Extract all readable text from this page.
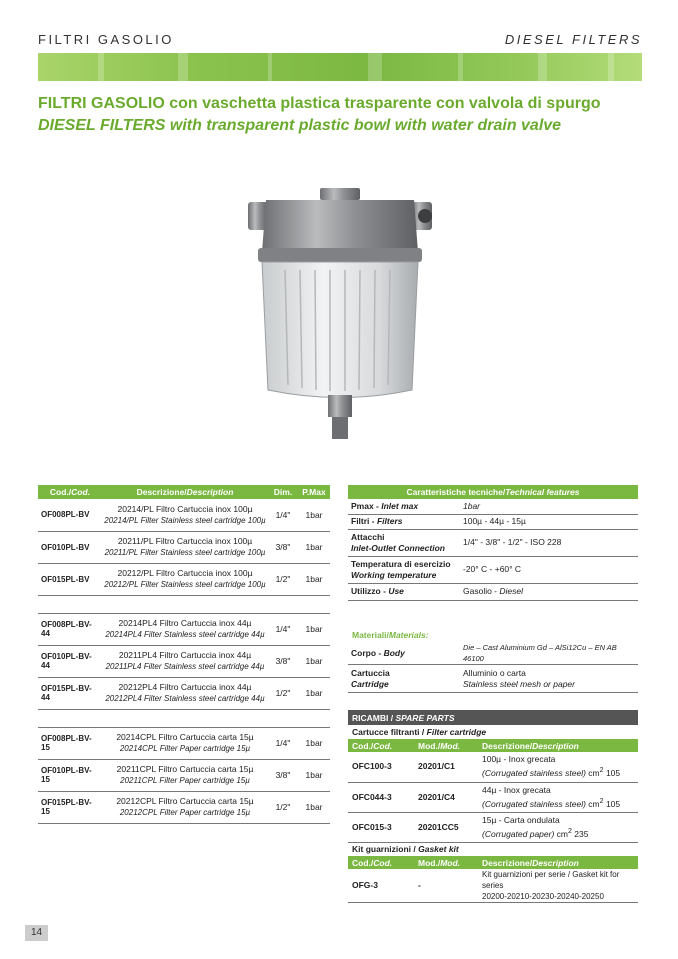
FILTRI GASOLIO	DIESEL FILTERS
FILTRI GASOLIO con vaschetta plastica trasparente con valvola di spurgo
DIESEL FILTERS with transparent plastic bowl with water drain valve
Cod./Cod.	Descrizione/Description	Dim.	P.Max
OF008PL-BV	20214/PL Filtro Cartuccia inox 100µ
20214/PL Filter Stainless steel cartridge 100µ	1/4"	1bar
OF010PL-BV	20211/PL Filtro Cartuccia inox 100µ
20211/PL Filter Stainless steel cartridge 100µ	3/8"	1bar
OF015PL-BV	20212/PL Filtro Cartuccia inox 100µ
20212/PL Filter Stainless steel cartridge 100µ	1/2"	1bar

OF008PL-BV-44	20214PL4 Filtro Cartuccia inox 44µ
20214PL4 Filter Stainless steel cartridge 44µ	1/4"	1bar
OF010PL-BV-44	20211PL4 Filtro Cartuccia inox 44µ
20211PL4 Filter Stainless steel cartridge 44µ	3/8"	1bar
OF015PL-BV-44	20212PL4 Filtro Cartuccia inox 44µ
20212PL4 Filter Stainless steel cartridge 44µ	1/2"	1bar

OF008PL-BV-15	20214CPL Filtro Cartuccia carta 15µ
20214CPL Filter Paper cartridge 15µ	1/4"	1bar
OF010PL-BV-15	20211CPL Filtro Cartuccia carta 15µ
20211CPL Filter Paper cartridge 15µ	3/8"	1bar
OF015PL-BV-15	20212CPL Filtro Cartuccia carta 15µ
20212CPL Filter Paper cartridge 15µ	1/2"	1bar
Caratteristiche tecniche/Technical features	
Pmax - Inlet max	1bar
Filtri - Filters	100µ - 44µ - 15µ

Attacchi
Inlet-Outlet Connection	1/4" - 3/8" - 1/2" - ISO 228

Temperatura di esercizio
Working temperature	-20° C - +60° C
Utilizzo - Use	Gasolio - Diesel
Materiali/Materials:
Corpo - Body	Die – Cast Aluminium Gd – AlSi12Cu – EN AB 46100

Cartuccia
Cartridge	Alluminio o carta
Stainless steel mesh or paper
RICAMBI / SPARE PARTS		
Cartucce filtranti / Filter cartridge		
Cod./Cod.	Mod./Mod.	Descrizione/Description
OFC100-3	20201/C1	100µ - Inox grecata
(Corrugated stainless steel) $cm^2$ 105
OFC044-3	20201/C4	44µ - Inox grecata
(Corrugated stainless steel) $cm^2$ 105
OFC015-3	20201CC5	15µ - Carta ondulata
(Corrugated paper) $cm^2$ 235
Kit guarnizioni / Gasket kit		
Cod./Cod.	Mod./Mod.	Descrizione/Description
OFG-3	-	Kit guarnizioni per serie / Gasket kit for series
20200-20210-20230-20240-20250
14
